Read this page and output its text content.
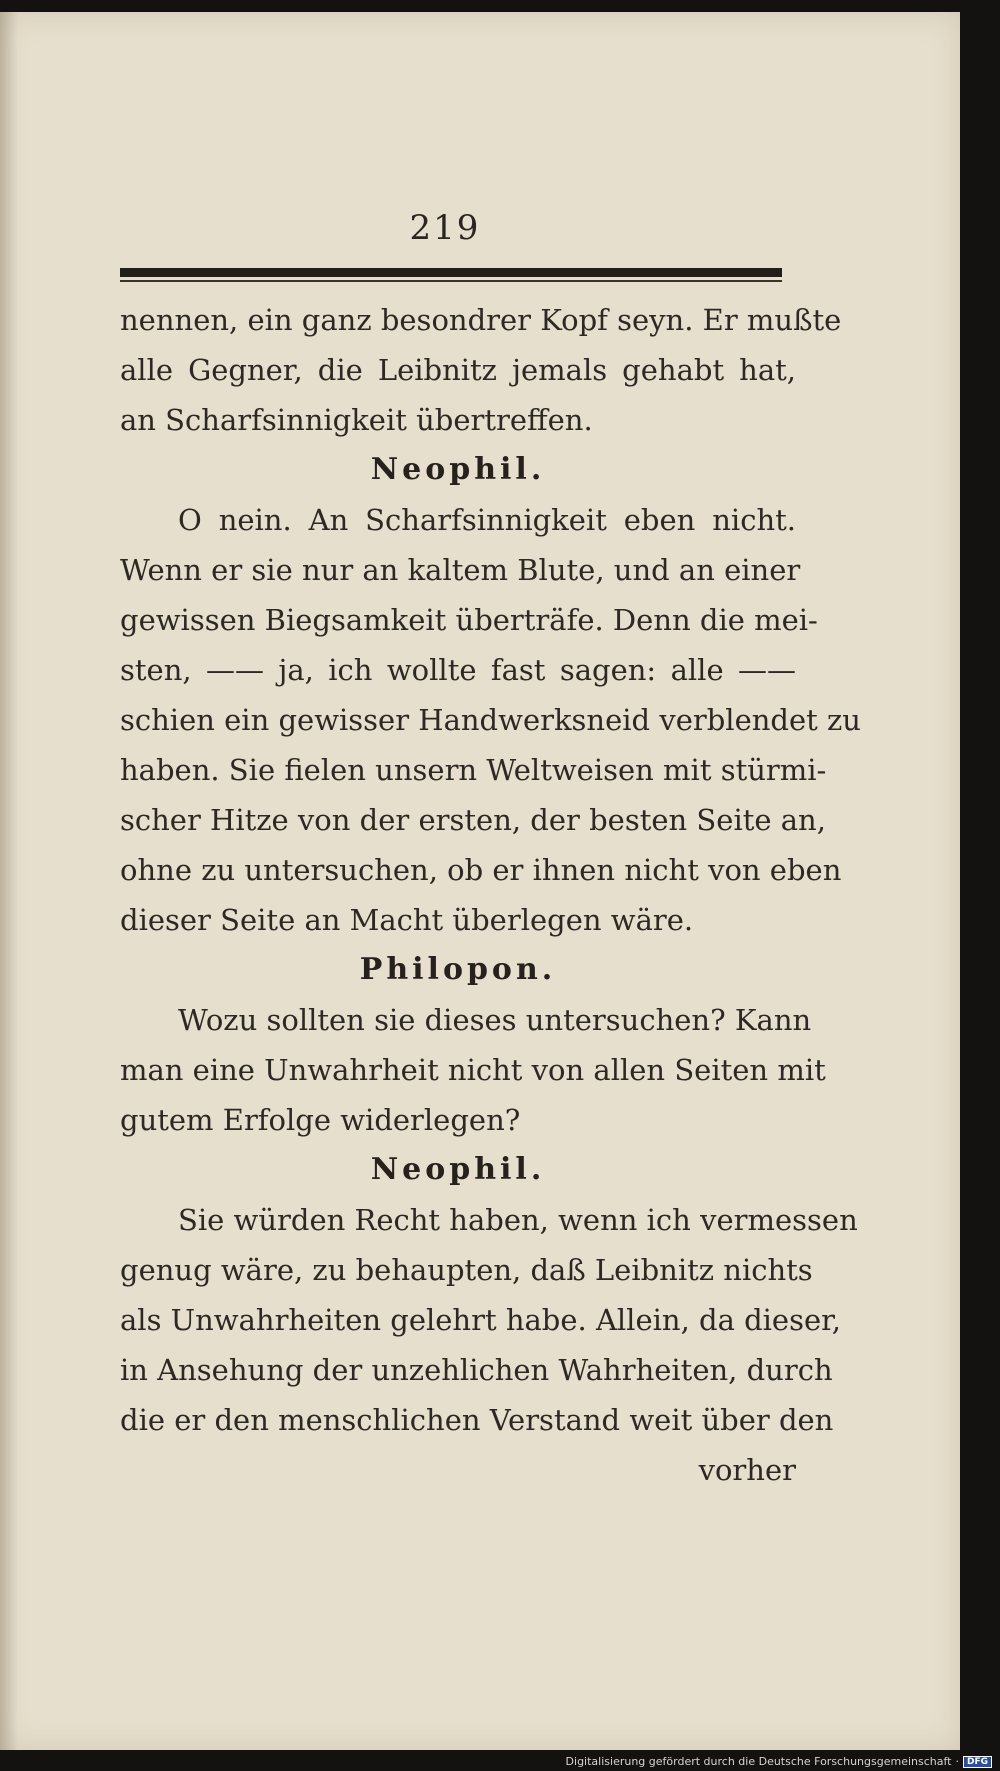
219
nennen, ein ganz besondrer Kopf seyn. Er mußte
alle Gegner, die Leibnitz jemals gehabt hat,
an Scharfsinnigkeit übertreffen.
Neophil.
O nein. An Scharfsinnigkeit eben nicht.
Wenn er sie nur an kaltem Blute, und an einer
gewissen Biegsamkeit überträfe. Denn die mei-
sten, —— ja, ich wollte fast sagen: alle ——
schien ein gewisser Handwerksneid verblendet zu
haben. Sie fielen unsern Weltweisen mit stürmi-
scher Hitze von der ersten, der besten Seite an,
ohne zu untersuchen, ob er ihnen nicht von eben
dieser Seite an Macht überlegen wäre.
Philopon.
Wozu sollten sie dieses untersuchen? Kann
man eine Unwahrheit nicht von allen Seiten mit
gutem Erfolge widerlegen?
Neophil.
Sie würden Recht haben, wenn ich vermessen
genug wäre, zu behaupten, daß Leibnitz nichts
als Unwahrheiten gelehrt habe. Allein, da dieser,
in Ansehung der unzehlichen Wahrheiten, durch
die er den menschlichen Verstand weit über den
vorher
Digitalisierung gefördert durch die Deutsche Forschungsgemeinschaft · DFG
